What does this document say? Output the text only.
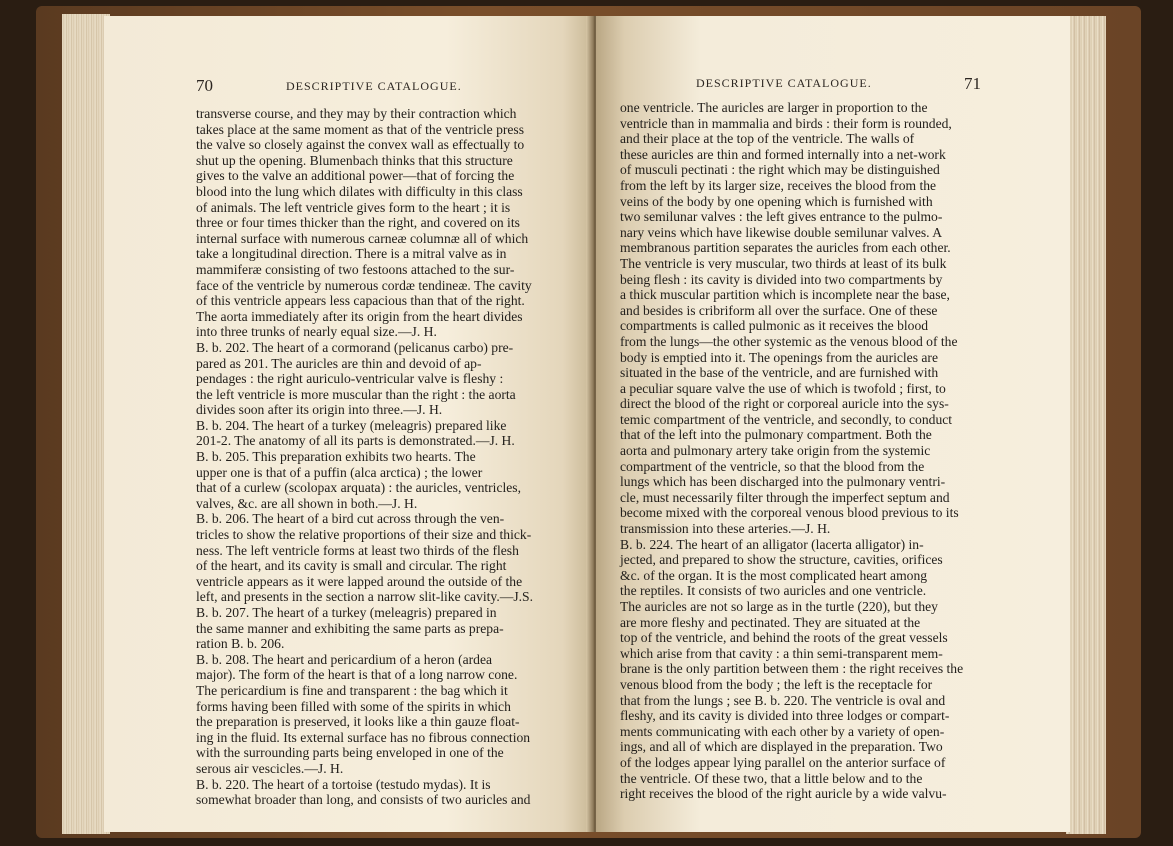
70	DESCRIPTIVE CATALOGUE.
transverse course, and they may by their contraction which
takes place at the same moment as that of the ventricle press
the valve so closely against the convex wall as effectually to
shut up the opening. Blumenbach thinks that this structure
gives to the valve an additional power—that of forcing the
blood into the lung which dilates with difficulty in this class
of animals. The left ventricle gives form to the heart ; it is
three or four times thicker than the right, and covered on its
internal surface with numerous carneæ columnæ all of which
take a longitudinal direction. There is a mitral valve as in
mammiferæ consisting of two festoons attached to the sur-
face of the ventricle by numerous cordæ tendineæ. The cavity
of this ventricle appears less capacious than that of the right.
The aorta immediately after its origin from the heart divides
into three trunks of nearly equal size.—J. H.
B. b. 202. The heart of a cormorand (pelicanus carbo) pre-
pared as 201. The auricles are thin and devoid of ap-
pendages : the right auriculo-ventricular valve is fleshy :
the left ventricle is more muscular than the right : the aorta
divides soon after its origin into three.—J. H.
B. b. 204. The heart of a turkey (meleagris) prepared like
201-2. The anatomy of all its parts is demonstrated.—J. H.
B. b. 205. This preparation exhibits two hearts. The
upper one is that of a puffin (alca arctica) ; the lower
that of a curlew (scolopax arquata) : the auricles, ventricles,
valves, &c. are all shown in both.—J. H.
B. b. 206. The heart of a bird cut across through the ven-
tricles to show the relative proportions of their size and thick-
ness. The left ventricle forms at least two thirds of the flesh
of the heart, and its cavity is small and circular. The right
ventricle appears as it were lapped around the outside of the
left, and presents in the section a narrow slit-like cavity.—J.S.
B. b. 207. The heart of a turkey (meleagris) prepared in
the same manner and exhibiting the same parts as prepa-
ration B. b. 206.
B. b. 208. The heart and pericardium of a heron (ardea
major). The form of the heart is that of a long narrow cone.
The pericardium is fine and transparent : the bag which it
forms having been filled with some of the spirits in which
the preparation is preserved, it looks like a thin gauze float-
ing in the fluid. Its external surface has no fibrous connection
with the surrounding parts being enveloped in one of the
serous air vescicles.—J. H.
B. b. 220. The heart of a tortoise (testudo mydas). It is
somewhat broader than long, and consists of two auricles and
DESCRIPTIVE CATALOGUE.	71
one ventricle. The auricles are larger in proportion to the
ventricle than in mammalia and birds : their form is rounded,
and their place at the top of the ventricle. The walls of
these auricles are thin and formed internally into a net-work
of musculi pectinati : the right which may be distinguished
from the left by its larger size, receives the blood from the
veins of the body by one opening which is furnished with
two semilunar valves : the left gives entrance to the pulmo-
nary veins which have likewise double semilunar valves. A
membranous partition separates the auricles from each other.
The ventricle is very muscular, two thirds at least of its bulk
being flesh : its cavity is divided into two compartments by
a thick muscular partition which is incomplete near the base,
and besides is cribriform all over the surface. One of these
compartments is called pulmonic as it receives the blood
from the lungs—the other systemic as the venous blood of the
body is emptied into it. The openings from the auricles are
situated in the base of the ventricle, and are furnished with
a peculiar square valve the use of which is twofold ; first, to
direct the blood of the right or corporeal auricle into the sys-
temic compartment of the ventricle, and secondly, to conduct
that of the left into the pulmonary compartment. Both the
aorta and pulmonary artery take origin from the systemic
compartment of the ventricle, so that the blood from the
lungs which has been discharged into the pulmonary ventri-
cle, must necessarily filter through the imperfect septum and
become mixed with the corporeal venous blood previous to its
transmission into these arteries.—J. H.
B. b. 224. The heart of an alligator (lacerta alligator) in-
jected, and prepared to show the structure, cavities, orifices
&c. of the organ. It is the most complicated heart among
the reptiles. It consists of two auricles and one ventricle.
The auricles are not so large as in the turtle (220), but they
are more fleshy and pectinated. They are situated at the
top of the ventricle, and behind the roots of the great vessels
which arise from that cavity : a thin semi-transparent mem-
brane is the only partition between them : the right receives the
venous blood from the body ; the left is the receptacle for
that from the lungs ; see B. b. 220. The ventricle is oval and
fleshy, and its cavity is divided into three lodges or compart-
ments communicating with each other by a variety of open-
ings, and all of which are displayed in the preparation. Two
of the lodges appear lying parallel on the anterior surface of
the ventricle. Of these two, that a little below and to the
right receives the blood of the right auricle by a wide valvu-
